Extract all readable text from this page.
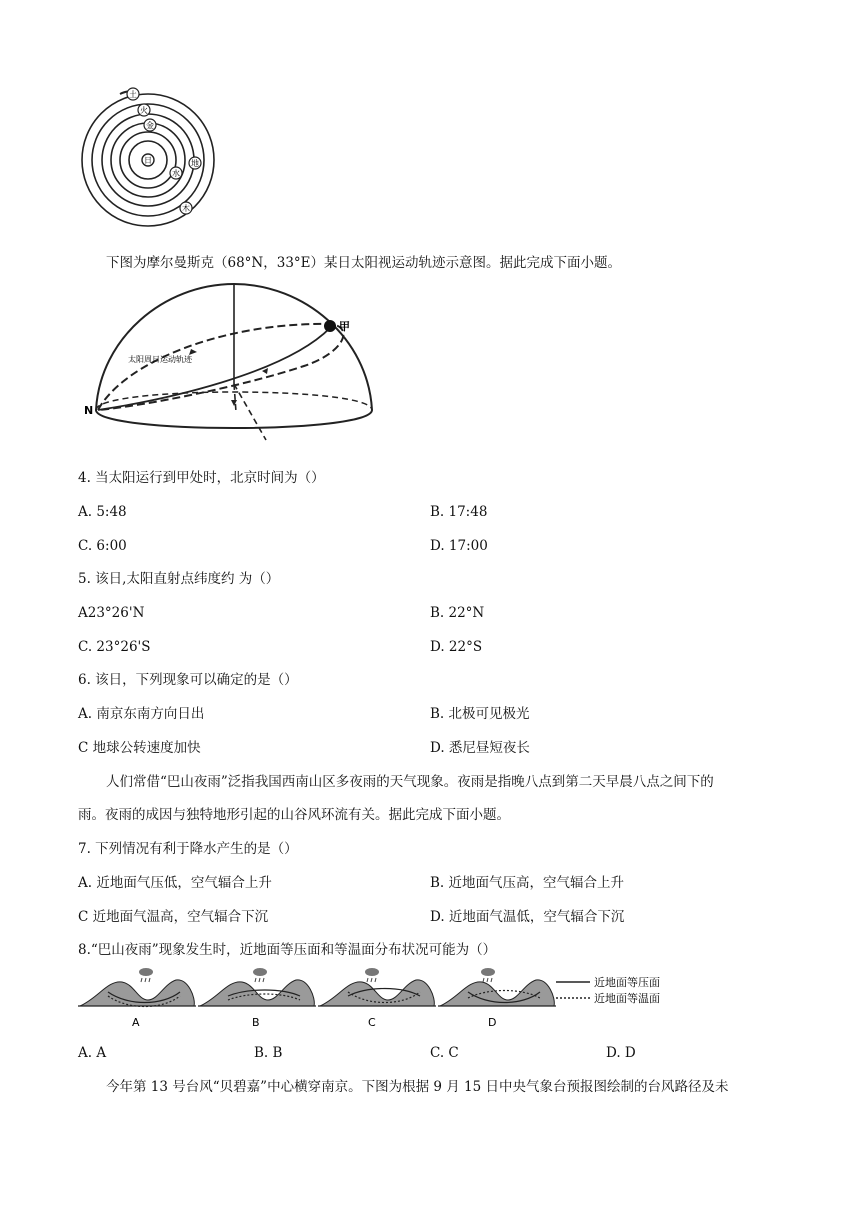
土
火
金
日	地
水
木
下图为摩尔曼斯克（68°N，33°E）某日太阳视运动轨迹示意图。据此完成下面小题。
甲
N
太阳周日运动轨迹
4. 当太阳运行到甲处时，北京时间为（）
A. 5:48	B. 17:48
C. 6:00	D. 17:00
5. 该日,太阳直射点纬度约 为（）
A23°26'N	B. 22°N
C. 23°26'S	D. 22°S
6. 该日，下列现象可以确定的是（）
A. 南京东南方向日出	B. 北极可见极光
C 地球公转速度加快	D. 悉尼昼短夜长
人们常借“巴山夜雨”泛指我国西南山区多夜雨的天气现象。夜雨是指晚八点到第二天早晨八点之间下的
雨。夜雨的成因与独特地形引起的山谷风环流有关。据此完成下面小题。
7. 下列情况有利于降水产生的是（）
A. 近地面气压低，空气辐合上升	B. 近地面气压高，空气辐合上升
C 近地面气温高，空气辐合下沉	D. 近地面气温低，空气辐合下沉
8.“巴山夜雨”现象发生时，近地面等压面和等温面分布状况可能为（）
A	B	C	D
近地面等压面
近地面等温面
A. A	B. B	C. C	D. D
今年第 13 号台风“贝碧嘉”中心横穿南京。下图为根据 9 月 15 日中央气象台预报图绘制的台风路径及未
